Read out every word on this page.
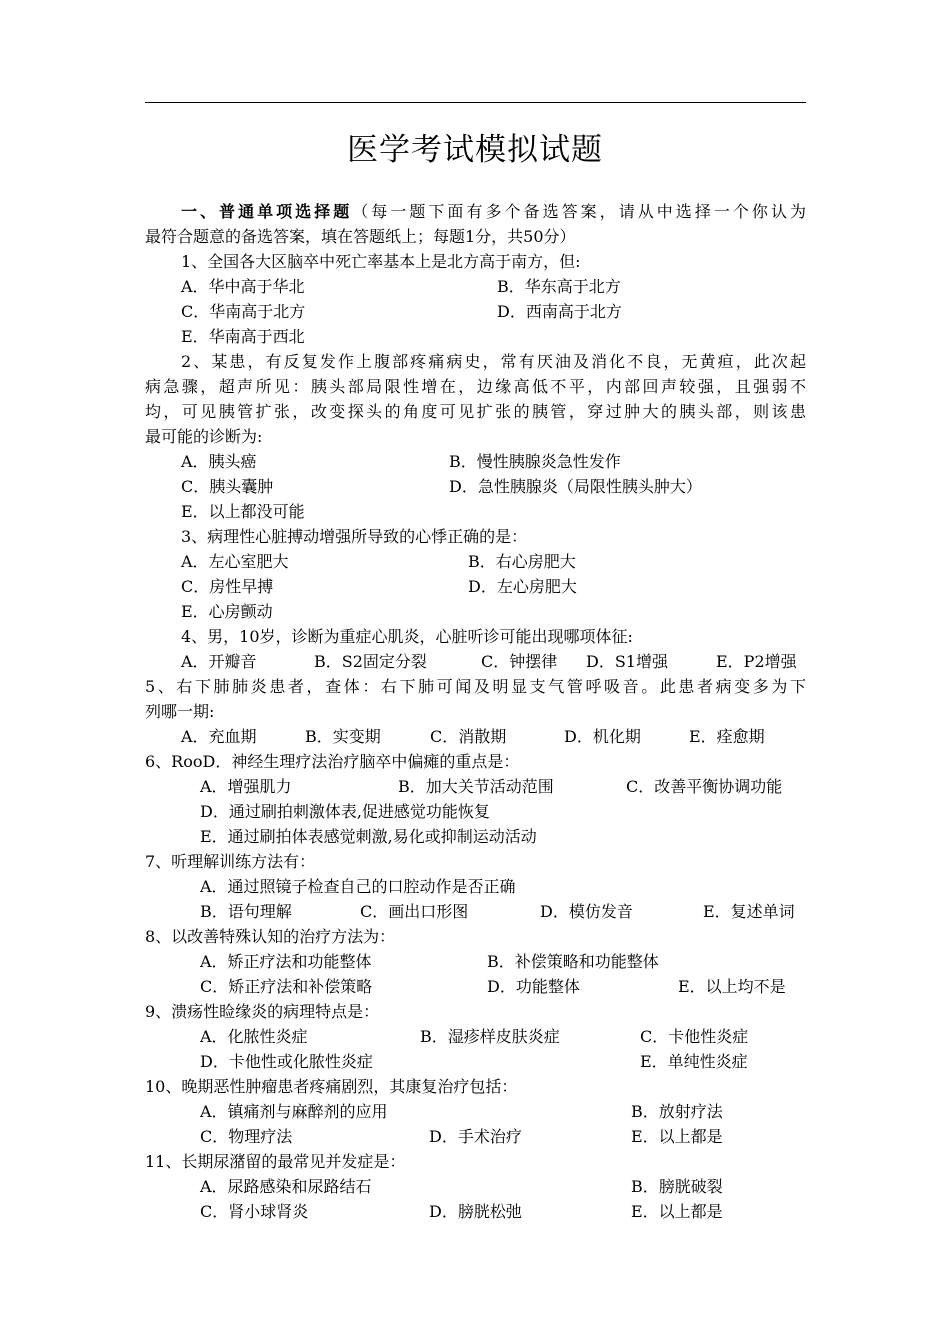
医学考试模拟试题
一、普通单项选择题（每一题下面有多个备选答案，请从中选择一个你认为
最符合题意的备选答案，填在答题纸上；每题1分，共50分）
1、全国各大区脑卒中死亡率基本上是北方高于南方，但:
A．华中高于华北	B．华东高于北方
C．华南高于北方	D．西南高于北方
E．华南高于西北
2、某患，有反复发作上腹部疼痛病史，常有厌油及消化不良，无黄疸，此次起
病急骤，超声所见：胰头部局限性增在，边缘高低不平，内部回声较强，且强弱不
均，可见胰管扩张，改变探头的角度可见扩张的胰管，穿过肿大的胰头部，则该患
最可能的诊断为:
A．胰头癌	B．慢性胰腺炎急性发作
C．胰头囊肿	D．急性胰腺炎（局限性胰头肿大）
E．以上都没可能
3、病理性心脏搏动增强所导致的心悸正确的是：
A．左心室肥大	B．右心房肥大
C．房性早搏	D．左心房肥大
E．心房颤动
4、男，10岁，诊断为重症心肌炎，心脏听诊可能出现哪项体征:
A．开瓣音	B．S2固定分裂	C．钟摆律 D．S1增强	E．P2增强
5、右下肺肺炎患者，查体：右下肺可闻及明显支气管呼吸音。此患者病变多为下
列哪一期:
A．充血期	B．实变期	C．消散期	D．机化期	E．痊愈期
6、RooD．神经生理疗法治疗脑卒中偏瘫的重点是：
A．增强肌力	B．加大关节活动范围	C．改善平衡协调功能
D．通过刷拍刺激体表,促进感觉功能恢复
E．通过刷拍体表感觉刺激,易化或抑制运动活动
7、听理解训练方法有：
A．通过照镜子检查自己的口腔动作是否正确
B．语句理解	C．画出口形图	D．模仿发音	E．复述单词
8、以改善特殊认知的治疗方法为：
A．矫正疗法和功能整体	B．补偿策略和功能整体
C．矫正疗法和补偿策略	D．功能整体	E．以上均不是
9、溃疡性睑缘炎的病理特点是：
A．化脓性炎症	B．湿疹样皮肤炎症	C．卡他性炎症
D．卡他性或化脓性炎症	E．单纯性炎症
10、晚期恶性肿瘤患者疼痛剧烈，其康复治疗包括：
A．镇痛剂与麻醉剂的应用	B．放射疗法
C．物理疗法	D．手术治疗	E．以上都是
11、长期尿潴留的最常见并发症是：
A．尿路感染和尿路结石	B．膀胱破裂
C．肾小球肾炎	D．膀胱松弛	E．以上都是
